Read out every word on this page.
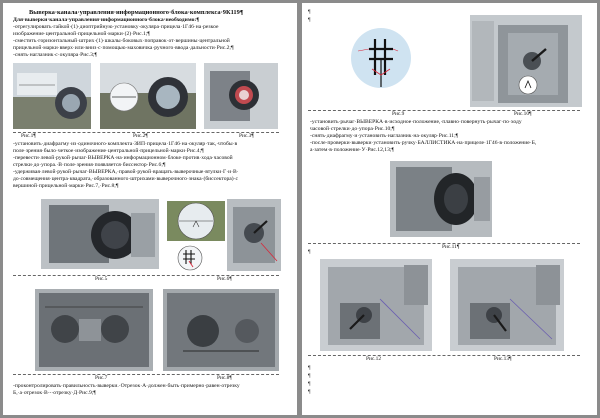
Выверка·канала·управления·информационного·блока·комплекса·9К119¶
Для·выверки·канала·управления·информационного·блока·необходимо:¶
-отрегулировать·гайкой·(1)·диоптрийную·установку·окуляра·прицела·1Г46·на·резкое
изображение·центральной·прицельной·марки·(2)·Рис.1;¶
-сместить·горизонтальный·штрих·(1)·шкалы·боковых·поправок·от·вершины·центральной
прицельной·марки·вверх·или·вниз·с·помощью·маховичка·ручного·ввода·дальности·Рис.2;¶
-снять·наглазник·с·окуляра·Рис.3;¶
Рис.1¶	Рис.2¶	Рис.3¶
-установить·диафрагму·из·одиночного·комплекта·ЗИП·прицела·1Г46·на·окуляр·так,·чтобы·в
поле·зрения·было·четкое·изображение·центральной·прицельной·марки·Рис.4;¶
-перевести·левой·рукой·рычаг·ВЫВЕРКА·на·информационном·блоке·против·хода·часовой
стрелки·до·упора.·В·поле·зрения·появляется·биссектор·Рис.6;¶
-удерживая·левой·рукой·рычаг·ВЫВЕРКА,·правой·рукой·вращать·выверочные·втулки·Г·и·В·
до·совмещения·центра·квадрата,·образованного·штрихами·выверочного·знака·(биссектора)·с
вершиной·прицельной·марки·Рис.7,·Рис.8;¶
Рис.5	Рис.6¶
Рис.7	Рис.8¶
-проконтролировать·правильность·выверки.·Отрезок·А·должен·быть·примерно·равен·отрезку
Б,·а·отрезок·В·-·отрезку·Д·Рис.9;¶
¶
¶
Рис.9	Рис.10¶
-установить·рычаг·ВЫВЕРКА·в·исходное·положение,·плавно·повернуть·рычаг·по·ходу
часовой·стрелки·до·упора·Рис.10;¶
-снять·диафрагму·и·установить·наглазник·на·окуляр·Рис.11;¶
-после·проверки·выверки·установить·ручку·БАЛЛИСТИКА·на·прицеле·1Г46·в·положение·Б,
а·затем·в·положение·У·Рис.12,13;¶
Рис.11¶
¶
Рис.12	Рис.13¶
¶
¶
¶
¶
